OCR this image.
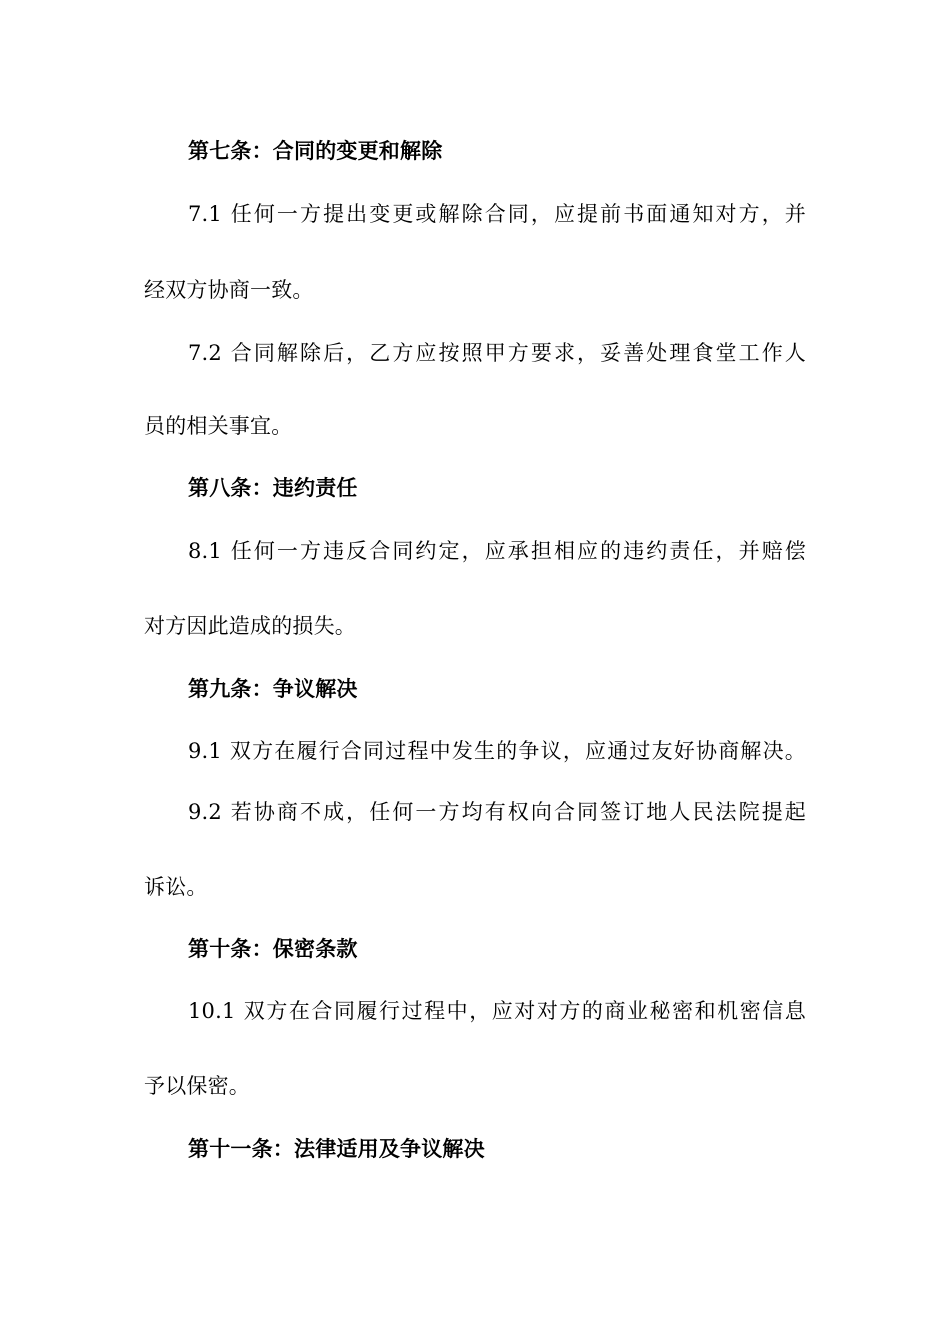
第七条：合同的变更和解除
7.1 任何一方提出变更或解除合同，应提前书面通知对方，并
经双方协商一致。
7.2 合同解除后，乙方应按照甲方要求，妥善处理食堂工作人
员的相关事宜。
第八条：违约责任
8.1 任何一方违反合同约定，应承担相应的违约责任，并赔偿
对方因此造成的损失。
第九条：争议解决
9.1 双方在履行合同过程中发生的争议，应通过友好协商解决。
9.2 若协商不成，任何一方均有权向合同签订地人民法院提起
诉讼。
第十条：保密条款
10.1 双方在合同履行过程中，应对对方的商业秘密和机密信息
予以保密。
第十一条：法律适用及争议解决
